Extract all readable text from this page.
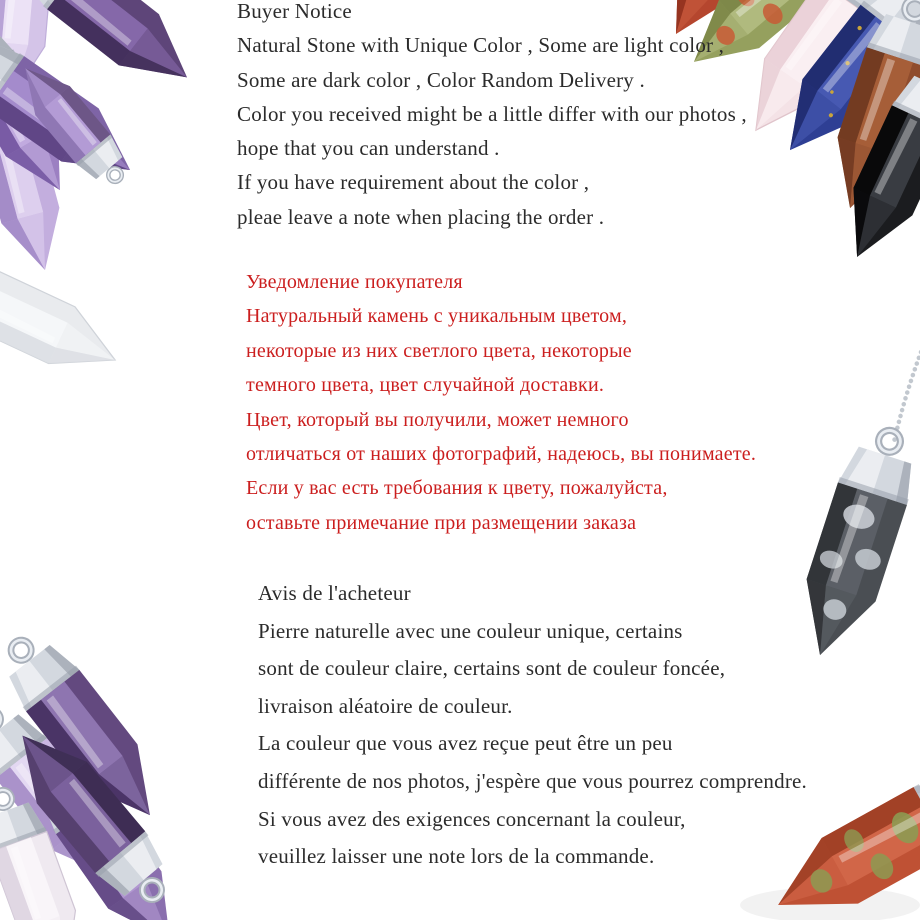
Buyer Notice
Natural Stone with Unique Color , Some are light color ,
Some are dark color , Color Random Delivery .
Color you received might be a little differ with our photos ,
hope that you can understand .
If you have requirement about the color ,
pleae leave a note when placing the order .
Уведомление покупателя
Натуральный камень с уникальным цветом,
некоторые из них светлого цвета, некоторые
темного цвета, цвет случайной доставки.
Цвет, который вы получили, может немного
отличаться от наших фотографий, надеюсь, вы понимаете.
Если у вас есть требования к цвету, пожалуйста,
оставьте примечание при размещении заказа
Avis de l'acheteur
Pierre naturelle avec une couleur unique, certains
sont de couleur claire, certains sont de couleur foncée,
livraison aléatoire de couleur.
La couleur que vous avez reçue peut être un peu
différente de nos photos, j'espère que vous pourrez comprendre.
Si vous avez des exigences concernant la couleur,
veuillez laisser une note lors de la commande.
